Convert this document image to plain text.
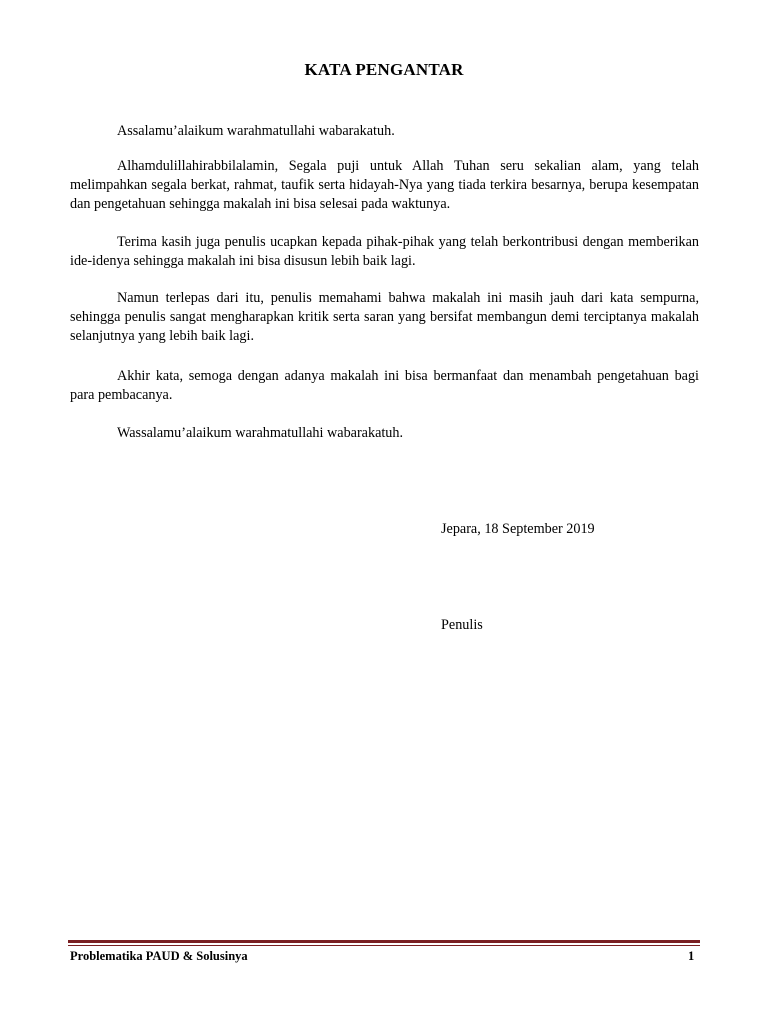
KATA PENGANTAR

Assalamu’alaikum warahmatullahi wabarakatuh.

Alhamdulillahirabbilalamin, Segala puji untuk Allah Tuhan seru sekalian alam, yang telah melimpahkan segala berkat, rahmat, taufik serta hidayah-Nya yang tiada terkira besarnya, berupa kesempatan dan pengetahuan sehingga makalah ini bisa selesai pada waktunya.

Terima kasih juga penulis ucapkan kepada pihak-pihak yang telah berkontribusi dengan memberikan ide-idenya sehingga makalah ini bisa disusun lebih baik lagi.

Namun terlepas dari itu, penulis memahami bahwa makalah ini masih jauh dari kata sempurna, sehingga penulis sangat mengharapkan kritik serta saran yang bersifat membangun demi terciptanya makalah selanjutnya yang lebih baik lagi.

Akhir kata, semoga dengan adanya makalah ini bisa bermanfaat dan menambah pengetahuan bagi para pembacanya.

Wassalamu’alaikum warahmatullahi wabarakatuh.

Jepara, 18 September 2019
Penulis
Problematika PAUD & Solusinya	1
